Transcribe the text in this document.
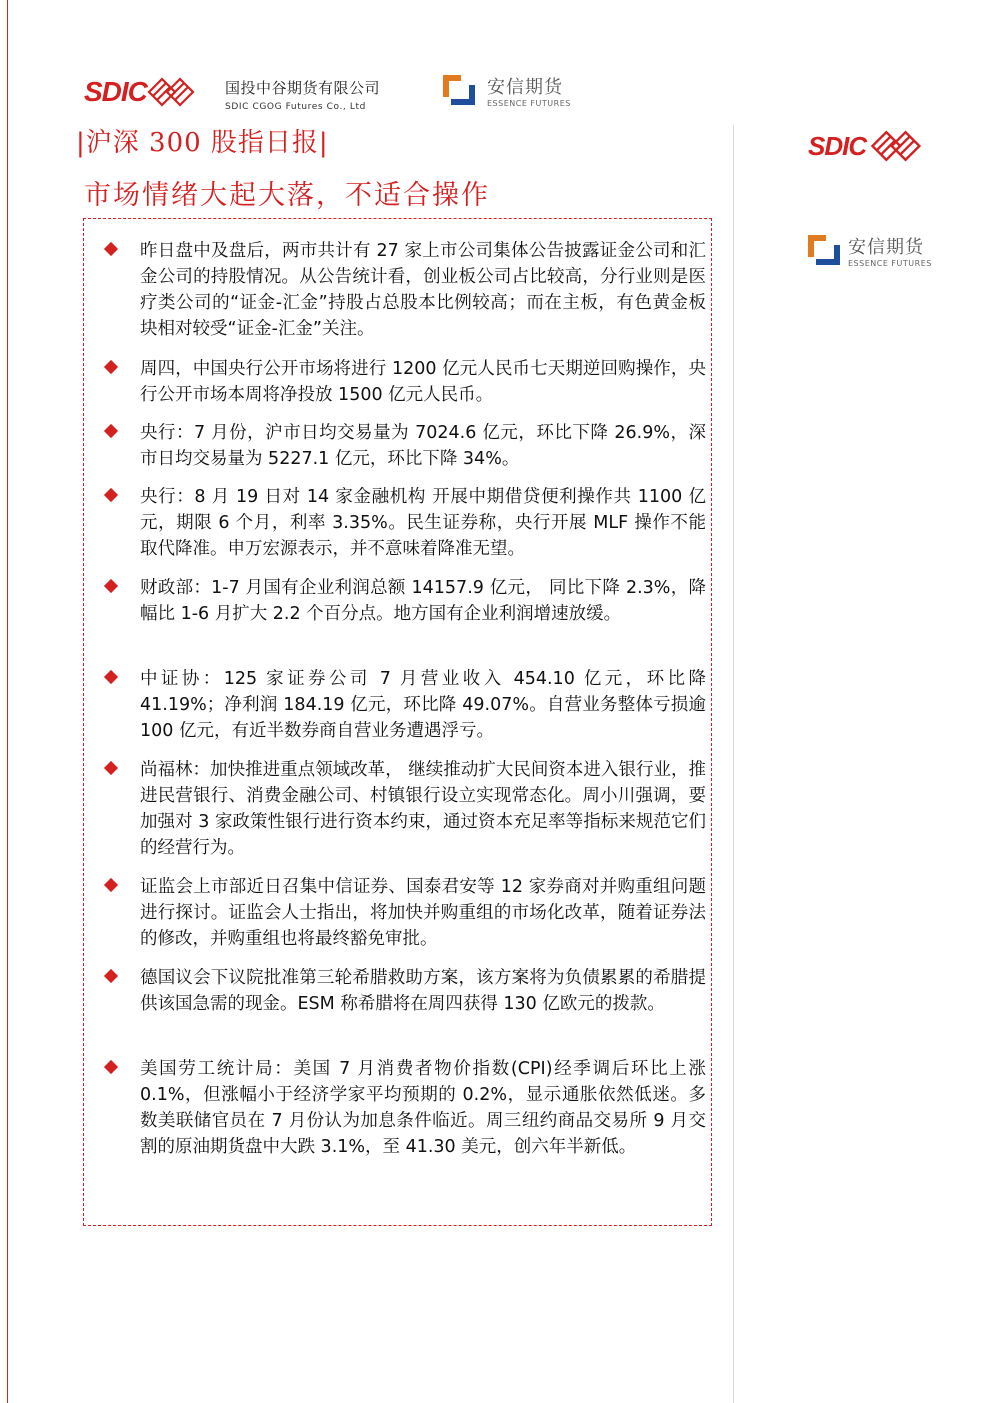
SDIC	国投中谷期货有限公司
SDIC CGOG Futures Co., Ltd
安信期货
ESSENCE FUTURES
SDIC
安信期货
ESSENCE FUTURES
|沪深 300 股指日报|
市场情绪大起大落，不适合操作
昨日盘中及盘后，两市共计有 27 家上市公司集体公告披露证金公司和汇金公司的持股情况。从公告统计看，创业板公司占比较高，分行业则是医疗类公司的“证金-汇金”持股占总股本比例较高；而在主板，有色黄金板块相对较受“证金-汇金”关注。
周四，中国央行公开市场将进行 1200 亿元人民币七天期逆回购操作，央行公开市场本周将净投放 1500 亿元人民币。
央行：7 月份，沪市日均交易量为 7024.6 亿元，环比下降 26.9%，深市日均交易量为 5227.1 亿元，环比下降 34%。
央行：8 月 19 日对 14 家金融机构 开展中期借贷便利操作共 1100 亿元，期限 6 个月，利率 3.35%。民生证券称，央行开展 MLF 操作不能取代降准。申万宏源表示，并不意味着降准无望。
财政部：1-7 月国有企业利润总额 14157.9 亿元， 同比下降 2.3%，降幅比 1-6 月扩大 2.2 个百分点。地方国有企业利润增速放缓。
中证协：125 家证券公司 7 月营业收入 454.10 亿元，环比降 41.19%；净利润 184.19 亿元，环比降 49.07%。自营业务整体亏损逾 100 亿元，有近半数券商自营业务遭遇浮亏。
尚福林：加快推进重点领域改革， 继续推动扩大民间资本进入银行业，推进民营银行、消费金融公司、村镇银行设立实现常态化。周小川强调，要加强对 3 家政策性银行进行资本约束，通过资本充足率等指标来规范它们的经营行为。
证监会上市部近日召集中信证券、国泰君安等 12 家券商对并购重组问题进行探讨。证监会人士指出，将加快并购重组的市场化改革，随着证券法的修改，并购重组也将最终豁免审批。
德国议会下议院批准第三轮希腊救助方案，该方案将为负债累累的希腊提供该国急需的现金。ESM 称希腊将在周四获得 130 亿欧元的拨款。
美国劳工统计局：美国 7 月消费者物价指数(CPI)经季调后环比上涨 0.1%，但涨幅小于经济学家平均预期的 0.2%，显示通胀依然低迷。多数美联储官员在 7 月份认为加息条件临近。周三纽约商品交易所 9 月交割的原油期货盘中大跌 3.1%，至 41.30 美元，创六年半新低。
